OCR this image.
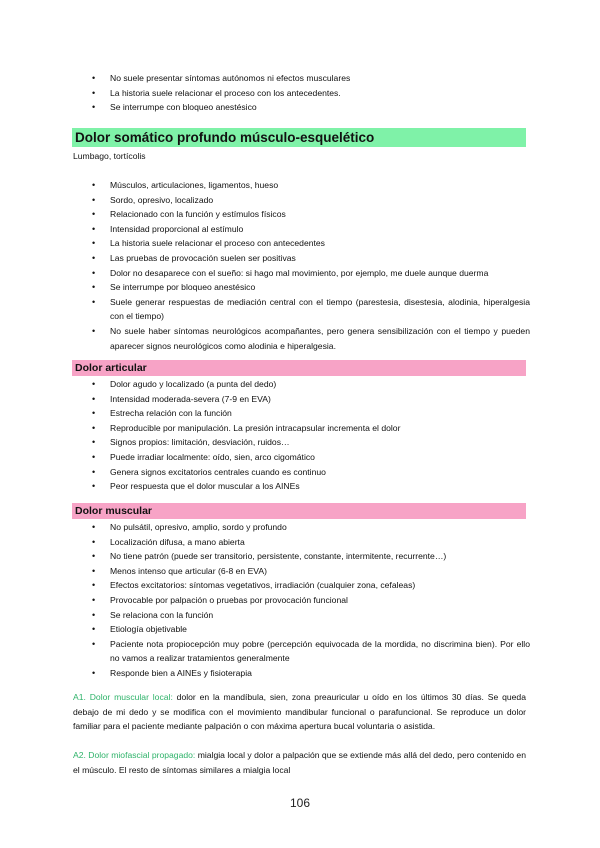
• No suele presentar síntomas autónomos ni efectos musculares
• La historia suele relacionar el proceso con los antecedentes.
• Se interrumpe con bloqueo anestésico
Dolor somático profundo músculo-esquelético
Lumbago, tortícolis
• Músculos, articulaciones, ligamentos, hueso
• Sordo, opresivo, localizado
• Relacionado con la función y estímulos físicos
• Intensidad proporcional al estímulo
• La historia suele relacionar el proceso con antecedentes
• Las pruebas de provocación suelen ser positivas
• Dolor no desaparece con el sueño: si hago mal movimiento, por ejemplo, me duele aunque duerma
• Se interrumpe por bloqueo anestésico
• Suele generar respuestas de mediación central con el tiempo (parestesia, disestesia, alodinia, hiperalgesia con el tiempo)
• No suele haber síntomas neurológicos acompañantes, pero genera sensibilización con el tiempo y pueden aparecer signos neurológicos como alodinia e hiperalgesia.
Dolor articular
• Dolor agudo y localizado (a punta del dedo)
• Intensidad moderada-severa (7-9 en EVA)
• Estrecha relación con la función
• Reproducible por manipulación. La presión intracapsular incrementa el dolor
• Signos propios: limitación, desviación, ruidos…
• Puede irradiar localmente: oído, sien, arco cigomático
• Genera signos excitatorios centrales cuando es continuo
• Peor respuesta que el dolor muscular a los AINEs
Dolor muscular
• No pulsátil, opresivo, amplio, sordo y profundo
• Localización difusa, a mano abierta
• No tiene patrón (puede ser transitorio, persistente, constante, intermitente, recurrente…)
• Menos intenso que articular (6-8 en EVA)
• Efectos excitatorios: síntomas vegetativos, irradiación (cualquier zona, cefaleas)
• Provocable por palpación o pruebas por provocación funcional
• Se relaciona con la función
• Etiología objetivable
• Paciente nota propiocepción muy pobre (percepción equivocada de la mordida, no discrimina bien). Por ello no vamos a realizar tratamientos generalmente
• Responde bien a AINEs y fisioterapia
A1. Dolor muscular local: dolor en la mandíbula, sien, zona preauricular u oído en los últimos 30 días. Se queda debajo de mi dedo y se modifica con el movimiento mandibular funcional o parafuncional. Se reproduce un dolor familiar para el paciente mediante palpación o con máxima apertura bucal voluntaria o asistida.
A2. Dolor miofascial propagado: mialgia local y dolor a palpación que se extiende más allá del dedo, pero contenido en el músculo. El resto de síntomas similares a mialgia local
106
